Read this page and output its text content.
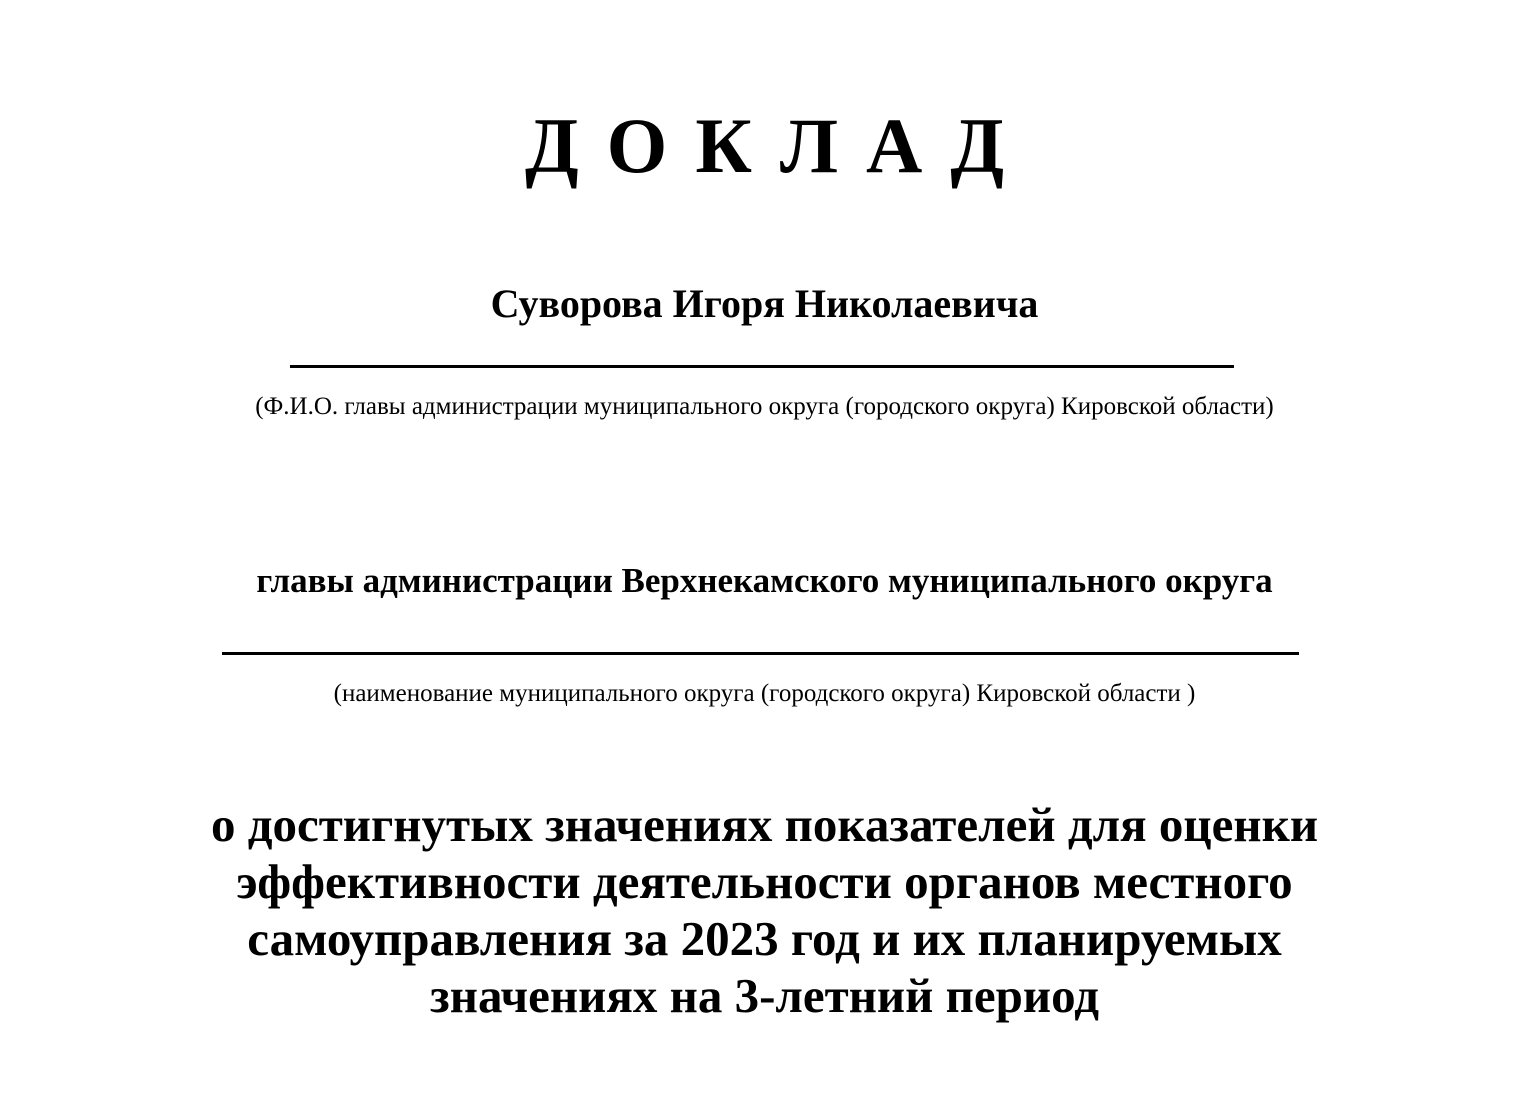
ДОКЛАД
Суворова Игоря Николаевича
(Ф.И.О. главы администрации муниципального округа (городского округа) Кировской области)
главы администрации Верхнекамского муниципального округа
(наименование муниципального округа (городского округа) Кировской области )
о достигнутых значениях показателей для оценки
эффективности деятельности органов местного
самоуправления за 2023 год и их планируемых
значениях на 3-летний период
